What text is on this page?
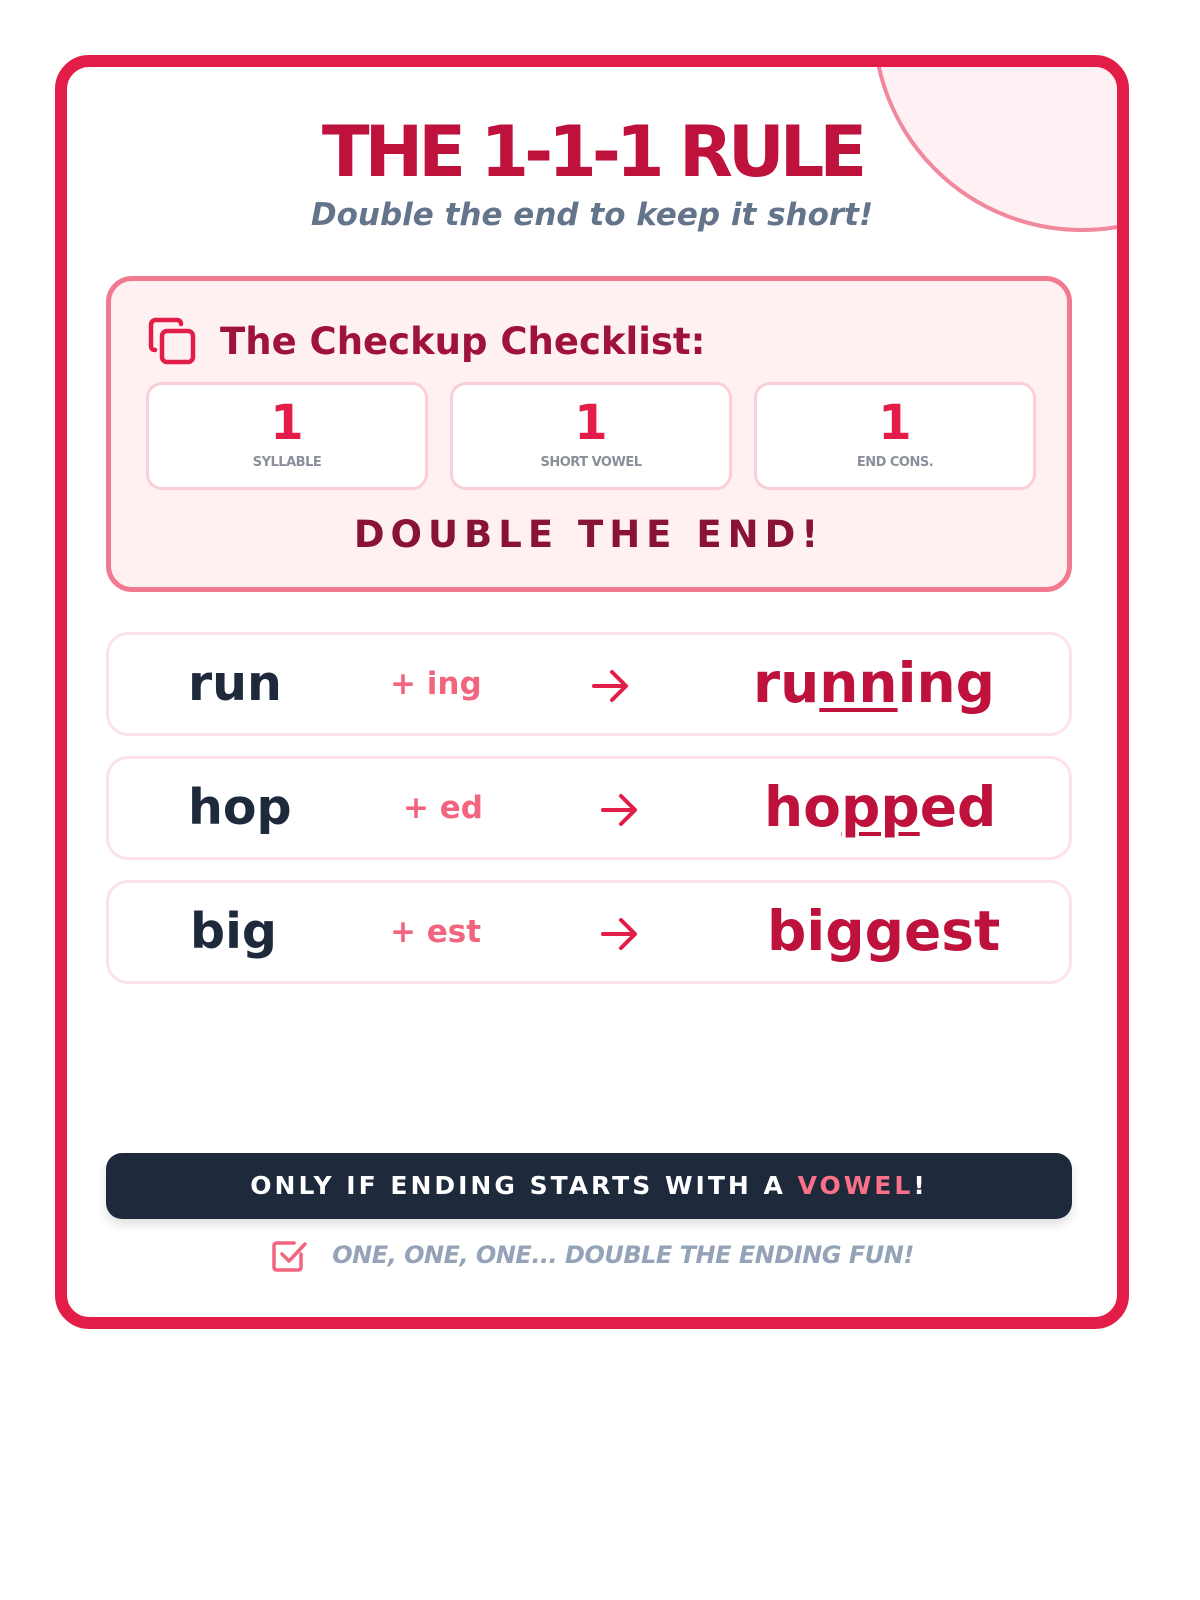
THE 1-1-1 RULE
Double the end to keep it short!
The Checkup Checklist:
1
SYLLABLE
1
SHORT VOWEL
1
END CONS.
DOUBLE THE END!
run	+ ing	running
hop	+ ed	hopped
big	+ est	biggest
ONLY IF ENDING STARTS WITH A VOWEL!
ONE, ONE, ONE... DOUBLE THE ENDING FUN!
